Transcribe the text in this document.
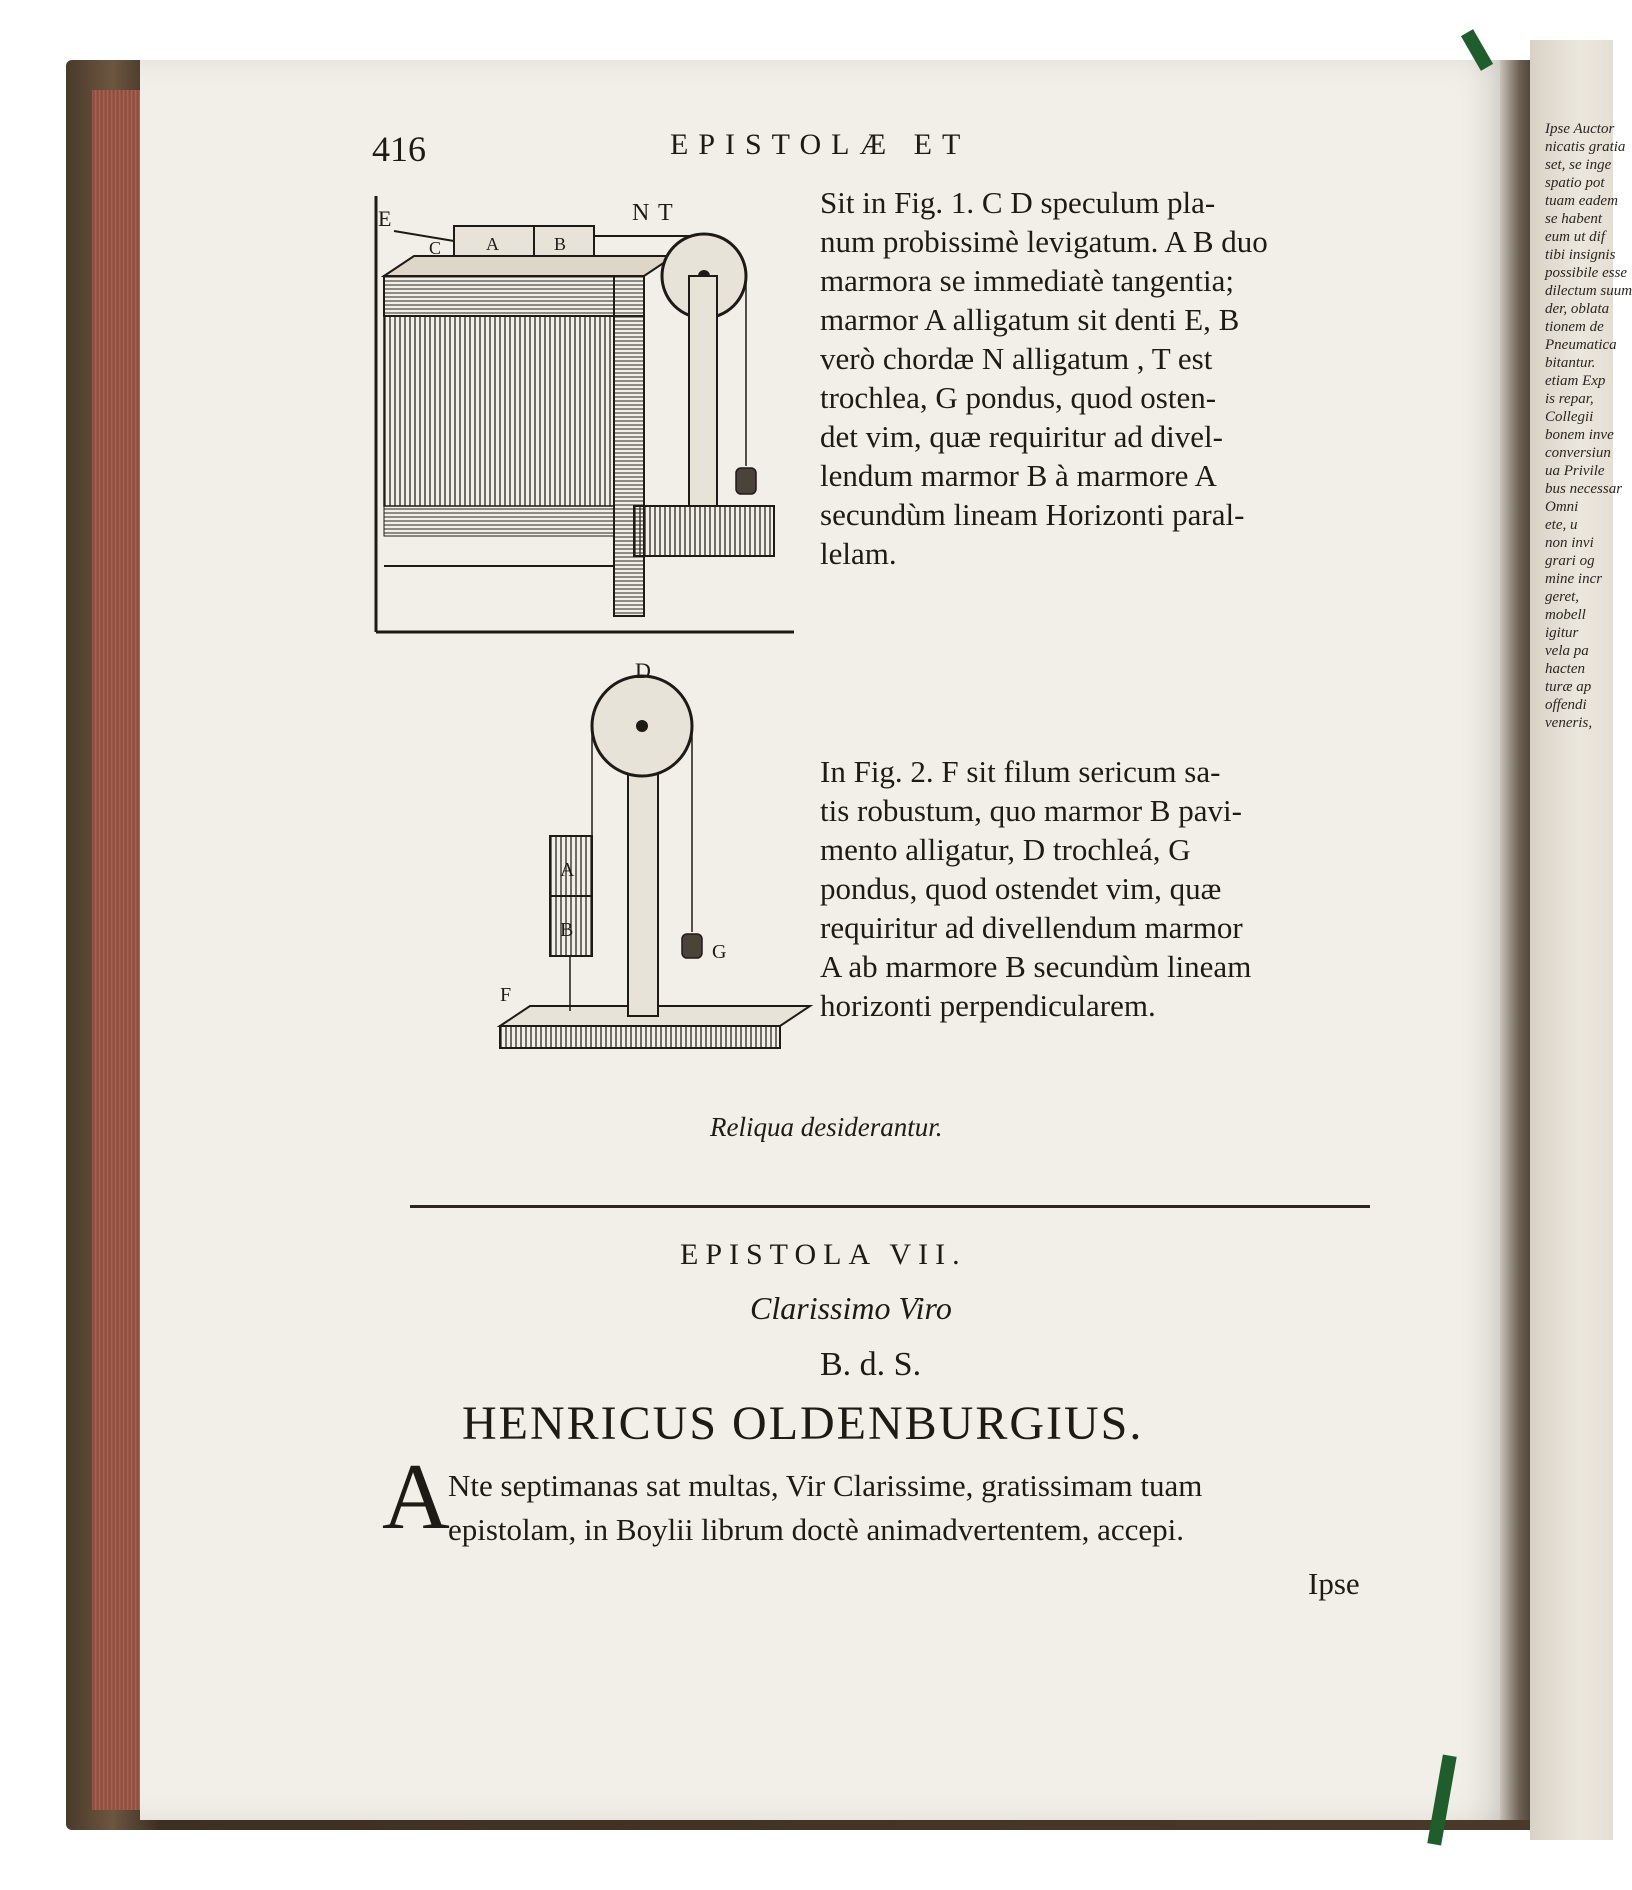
416	EPISTOLÆ ET
E	N T
C A	B
Sit in Fig. 1. C D speculum pla-
num probissimè levigatum. A B duo
marmora se immediatè tangentia;
marmor A alligatum sit denti E, B
verò chordæ N alligatum , T est
trochlea, G pondus, quod osten-
det vim, quæ requiritur ad divel-
lendum marmor B à marmore A
secundùm lineam Horizonti paral-
lelam.
D
A
B
G
F
In Fig. 2. F sit filum sericum sa-
tis robustum, quo marmor B pavi-
mento alligatur, D trochleá, G
pondus, quod ostendet vim, quæ
requiritur ad divellendum marmor
A ab marmore B secundùm lineam
horizonti perpendicularem.
Reliqua desiderantur.
EPISTOLA VII.
Clarissimo Viro
B. d. S.
HENRICUS OLDENBURGIUS.
A
Nte septimanas sat multas, Vir Clarissime, gratissimam tuam
epistolam, in Boylii librum doctè animadvertentem, accepi.
Ipse
Ipse Auctor
nicatis gratia
set, se inge
spatio pot
tuam eadem
se habent
eum ut dif
tibi insignis
possibile esse
dilectum suum
der, oblata
tionem de
Pneumatica
bitantur.
etiam Exp
is repar,
Collegii
bonem inve
conversiun
ua Privile
bus necessar
Omni
ete, u
non invi
grari og
mine incr
geret,
mobell
igitur
vela pa
hacten
turæ ap
offendi
veneris,
